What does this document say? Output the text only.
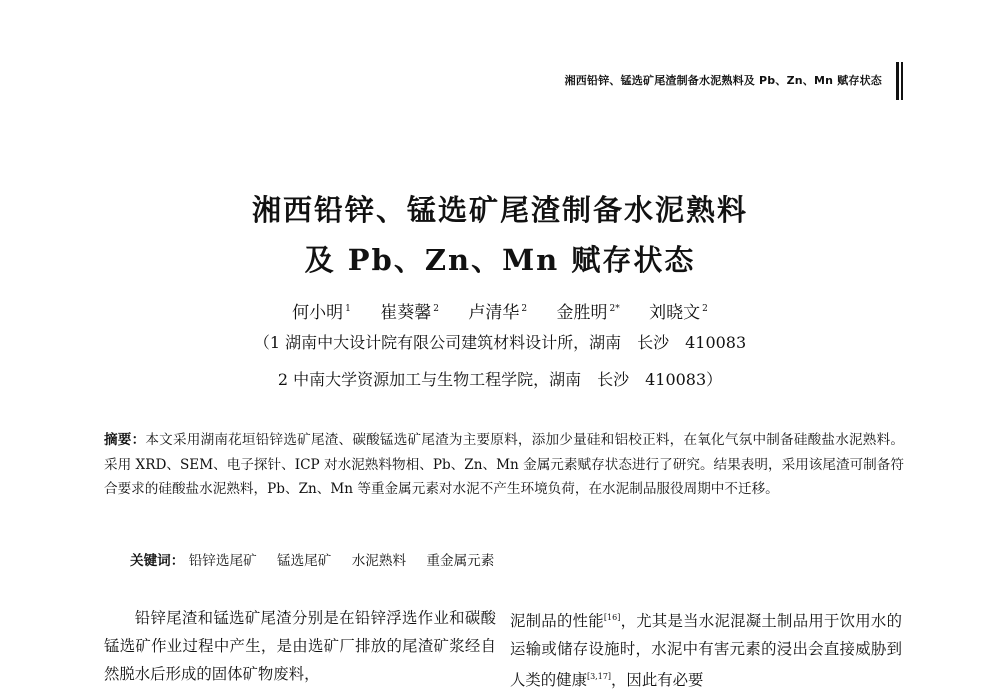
湘西铅锌、锰选矿尾渣制备水泥熟料及 Pb、Zn、Mn 赋存状态
湘西铅锌、锰选矿尾渣制备水泥熟料
及 Pb、Zn、Mn 赋存状态
何小明 $^1$ 崔葵馨 $^2$ 卢清华 $^2$ 金胜明 $^{2*}$ 刘晓文 $^2$
（1 湖南中大设计院有限公司建筑材料设计所，湖南　长沙　410083
2 中南大学资源加工与生物工程学院，湖南　长沙　410083）
摘要：本文采用湖南花垣铅锌选矿尾渣、碳酸锰选矿尾渣为主要原料，添加少量硅和铝校正料，在氧化气氛中制备硅酸盐水泥熟料。采用 XRD、SEM、电子探针、ICP 对水泥熟料物相、Pb、Zn、Mn 金属元素赋存状态进行了研究。结果表明，采用该尾渣可制备符合要求的硅酸盐水泥熟料，Pb、Zn、Mn 等重金属元素对水泥不产生环境负荷，在水泥制品服役周期中不迁移。
关键词： 铅锌选尾矿 锰选尾矿 水泥熟料 重金属元素
铅锌尾渣和锰选矿尾渣分别是在铅锌浮选作业和碳酸锰选矿作业过程中产生，是由选矿厂排放的尾渣矿浆经自然脱水后形成的固体矿物废料，
泥制品的性能[16]，尤其是当水泥混凝土制品用于饮用水的运输或储存设施时，水泥中有害元素的浸出会直接威胁到人类的健康[3,17]，因此有必要
